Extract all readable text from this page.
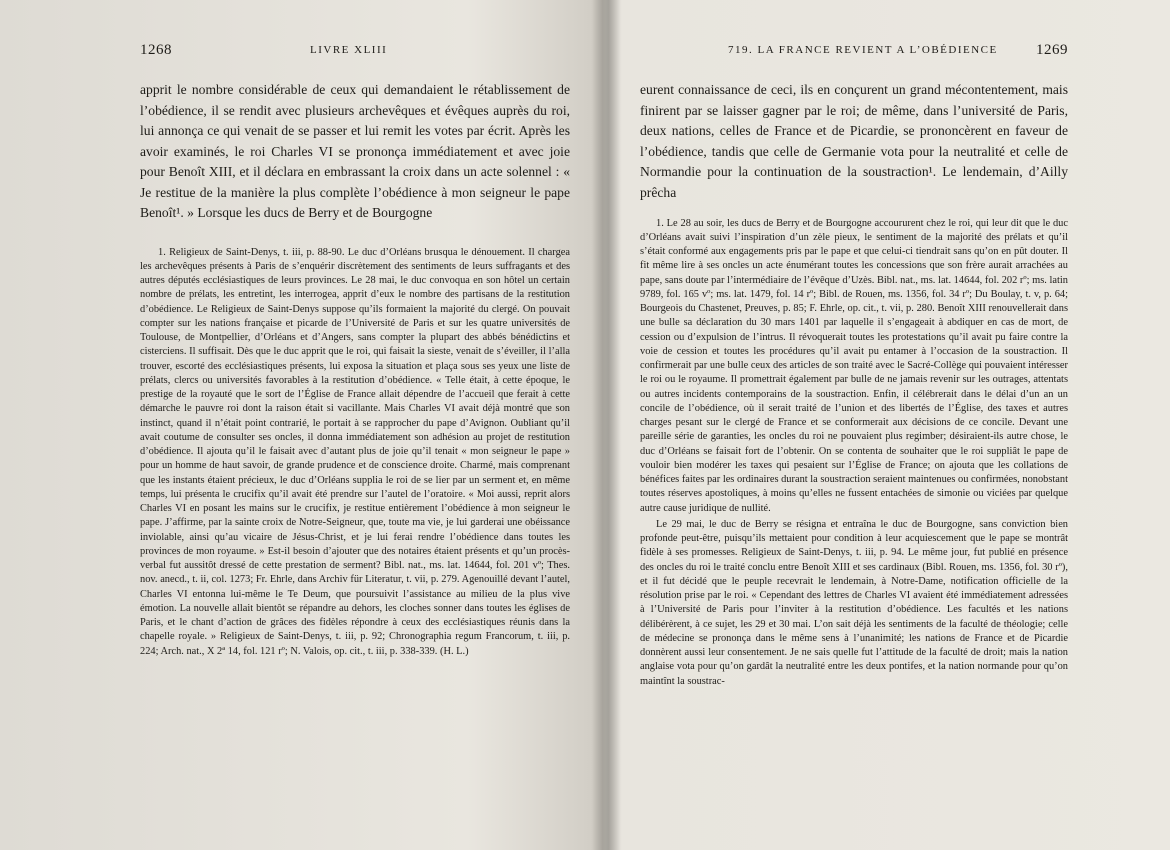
1268	LIVRE XLIII

apprit le nombre considérable de ceux qui demandaient le rétablissement de l’obédience, il se rendit avec plusieurs archevêques et évêques auprès du roi, lui annonça ce qui venait de se passer et lui remit les votes par écrit. Après les avoir examinés, le roi Charles VI se prononça immédiatement et avec joie pour Benoît XIII, et il déclara en embrassant la croix dans un acte solennel : « Je restitue de la manière la plus complète l’obédience à mon seigneur le pape Benoît¹. » Lorsque les ducs de Berry et de Bourgogne

1. Religieux de Saint-Denys, t. iii, p. 88-90. Le duc d’Orléans brusqua le dénouement. Il chargea les archevêques présents à Paris de s’enquérir discrètement des sentiments de leurs suffragants et des autres députés ecclésiastiques de leurs provinces. Le 28 mai, le duc convoqua en son hôtel un certain nombre de prélats, les entretint, les interrogea, apprit d’eux le nombre des partisans de la restitution d’obédience. Le Religieux de Saint-Denys suppose qu’ils formaient la majorité du clergé. On pouvait compter sur les nations française et picarde de l’Université de Paris et sur les quatre universités de Toulouse, de Montpellier, d’Orléans et d’Angers, sans compter la plupart des abbés bénédictins et cisterciens. Il suffisait. Dès que le duc apprit que le roi, qui faisait la sieste, venait de s’éveiller, il l’alla trouver, escorté des ecclésiastiques présents, lui exposa la situation et plaça sous ses yeux une liste de prélats, clercs ou universités favorables à la restitution d’obédience. « Telle était, à cette époque, le prestige de la royauté que le sort de l’Église de France allait dépendre de l’accueil que ferait à cette démarche le pauvre roi dont la raison était si vacillante. Mais Charles VI avait déjà montré que son instinct, quand il n’était point contrarié, le portait à se rapprocher du pape d’Avignon. Oubliant qu’il avait coutume de consulter ses oncles, il donna immédiatement son adhésion au projet de restitution d’obédience. Il ajouta qu’il le faisait avec d’autant plus de joie qu’il tenait « mon seigneur le pape » pour un homme de haut savoir, de grande prudence et de conscience droite. Charmé, mais comprenant que les instants étaient précieux, le duc d’Orléans supplia le roi de se lier par un serment et, en même temps, lui présenta le crucifix qu’il avait été prendre sur l’autel de l’oratoire. « Moi aussi, reprit alors Charles VI en posant les mains sur le crucifix, je restitue entièrement l’obédience à mon seigneur le pape. J’affirme, par la sainte croix de Notre-Seigneur, que, toute ma vie, je lui garderai une obéissance inviolable, ainsi qu’au vicaire de Jésus-Christ, et je lui ferai rendre l’obédience dans toutes les provinces de mon royaume. » Est-il besoin d’ajouter que des notaires étaient présents et qu’un procès-verbal fut aussitôt dressé de cette prestation de serment? Bibl. nat., ms. lat. 14644, fol. 201 vº; Thes. nov. anecd., t. ii, col. 1273; Fr. Ehrle, dans Archiv für Literatur, t. vii, p. 279. Agenouillé devant l’autel, Charles VI entonna lui-même le Te Deum, que poursuivit l’assistance au milieu de la plus vive émotion. La nouvelle allait bientôt se répandre au dehors, les cloches sonner dans toutes les églises de Paris, et le chant d’action de grâces des fidèles répondre à ceux des ecclésiastiques réunis dans la chapelle royale. » Religieux de Saint-Denys, t. iii, p. 92; Chronographia regum Francorum, t. iii, p. 224; Arch. nat., X 2ª 14, fol. 121 rº; N. Valois, op. cit., t. iii, p. 338-339. (H. L.)

719. LA FRANCE REVIENT A L’OBÉDIENCE	1269

eurent connaissance de ceci, ils en conçurent un grand mécontentement, mais finirent par se laisser gagner par le roi; de même, dans l’université de Paris, deux nations, celles de France et de Picardie, se prononcèrent en faveur de l’obédience, tandis que celle de Germanie vota pour la neutralité et celle de Normandie pour la continuation de la soustraction¹. Le lendemain, d’Ailly prêcha

1. Le 28 au soir, les ducs de Berry et de Bourgogne accoururent chez le roi, qui leur dit que le duc d’Orléans avait suivi l’inspiration d’un zèle pieux, le sentiment de la majorité des prélats et qu’il s’était conformé aux engagements pris par le pape et que celui-ci tiendrait sans qu’on en pût douter. Il fit même lire à ses oncles un acte énumérant toutes les concessions que son frère aurait arrachées au pape, sans doute par l’intermédiaire de l’évêque d’Uzès. Bibl. nat., ms. lat. 14644, fol. 202 rº; ms. latin 9789, fol. 165 vº; ms. lat. 1479, fol. 14 rº; Bibl. de Rouen, ms. 1356, fol. 34 rº; Du Boulay, t. v, p. 64; Bourgeois du Chastenet, Preuves, p. 85; F. Ehrle, op. cit., t. vii, p. 280. Benoît XIII renouvellerait dans une bulle sa déclaration du 30 mars 1401 par laquelle il s’engageait à abdiquer en cas de mort, de cession ou d’expulsion de l’intrus. Il révoquerait toutes les protestations qu’il avait pu faire contre la voie de cession et toutes les procédures qu’il avait pu entamer à l’occasion de la soustraction. Il confirmerait par une bulle ceux des articles de son traité avec le Sacré-Collège qui pouvaient intéresser le roi ou le royaume. Il promettrait également par bulle de ne jamais revenir sur les outrages, attentats ou autres incidents contemporains de la soustraction. Enfin, il célébrerait dans le délai d’un an un concile de l’obédience, où il serait traité de l’union et des libertés de l’Église, des taxes et autres charges pesant sur le clergé de France et se conformerait aux décisions de ce concile. Devant une pareille série de garanties, les oncles du roi ne pouvaient plus regimber; désiraient-ils autre chose, le duc d’Orléans se faisait fort de l’obtenir. On se contenta de souhaiter que le roi suppliât le pape de vouloir bien modérer les taxes qui pesaient sur l’Église de France; on ajouta que les collations de bénéfices faites par les ordinaires durant la soustraction seraient maintenues ou confirmées, nonobstant toutes réserves apostoliques, à moins qu’elles ne fussent entachées de simonie ou viciées par quelque autre cause juridique de nullité.

Le 29 mai, le duc de Berry se résigna et entraîna le duc de Bourgogne, sans conviction bien profonde peut-être, puisqu’ils mettaient pour condition à leur acquiescement que le pape se montrât fidèle à ses promesses. Religieux de Saint-Denys, t. iii, p. 94. Le même jour, fut publié en présence des oncles du roi le traité conclu entre Benoît XIII et ses cardinaux (Bibl. Rouen, ms. 1356, fol. 30 rº), et il fut décidé que le peuple recevrait le lendemain, à Notre-Dame, notification officielle de la résolution prise par le roi. « Cependant des lettres de Charles VI avaient été immédiatement adressées à l’Université de Paris pour l’inviter à la restitution d’obédience. Les facultés et les nations délibérèrent, à ce sujet, les 29 et 30 mai. L’on sait déjà les sentiments de la faculté de théologie; celle de médecine se prononça dans le même sens à l’unanimité; les nations de France et de Picardie donnèrent aussi leur consentement. Je ne sais quelle fut l’attitude de la faculté de droit; mais la nation anglaise vota pour qu’on gardât la neutralité entre les deux pontifes, et la nation normande pour qu’on maintînt la soustrac-
